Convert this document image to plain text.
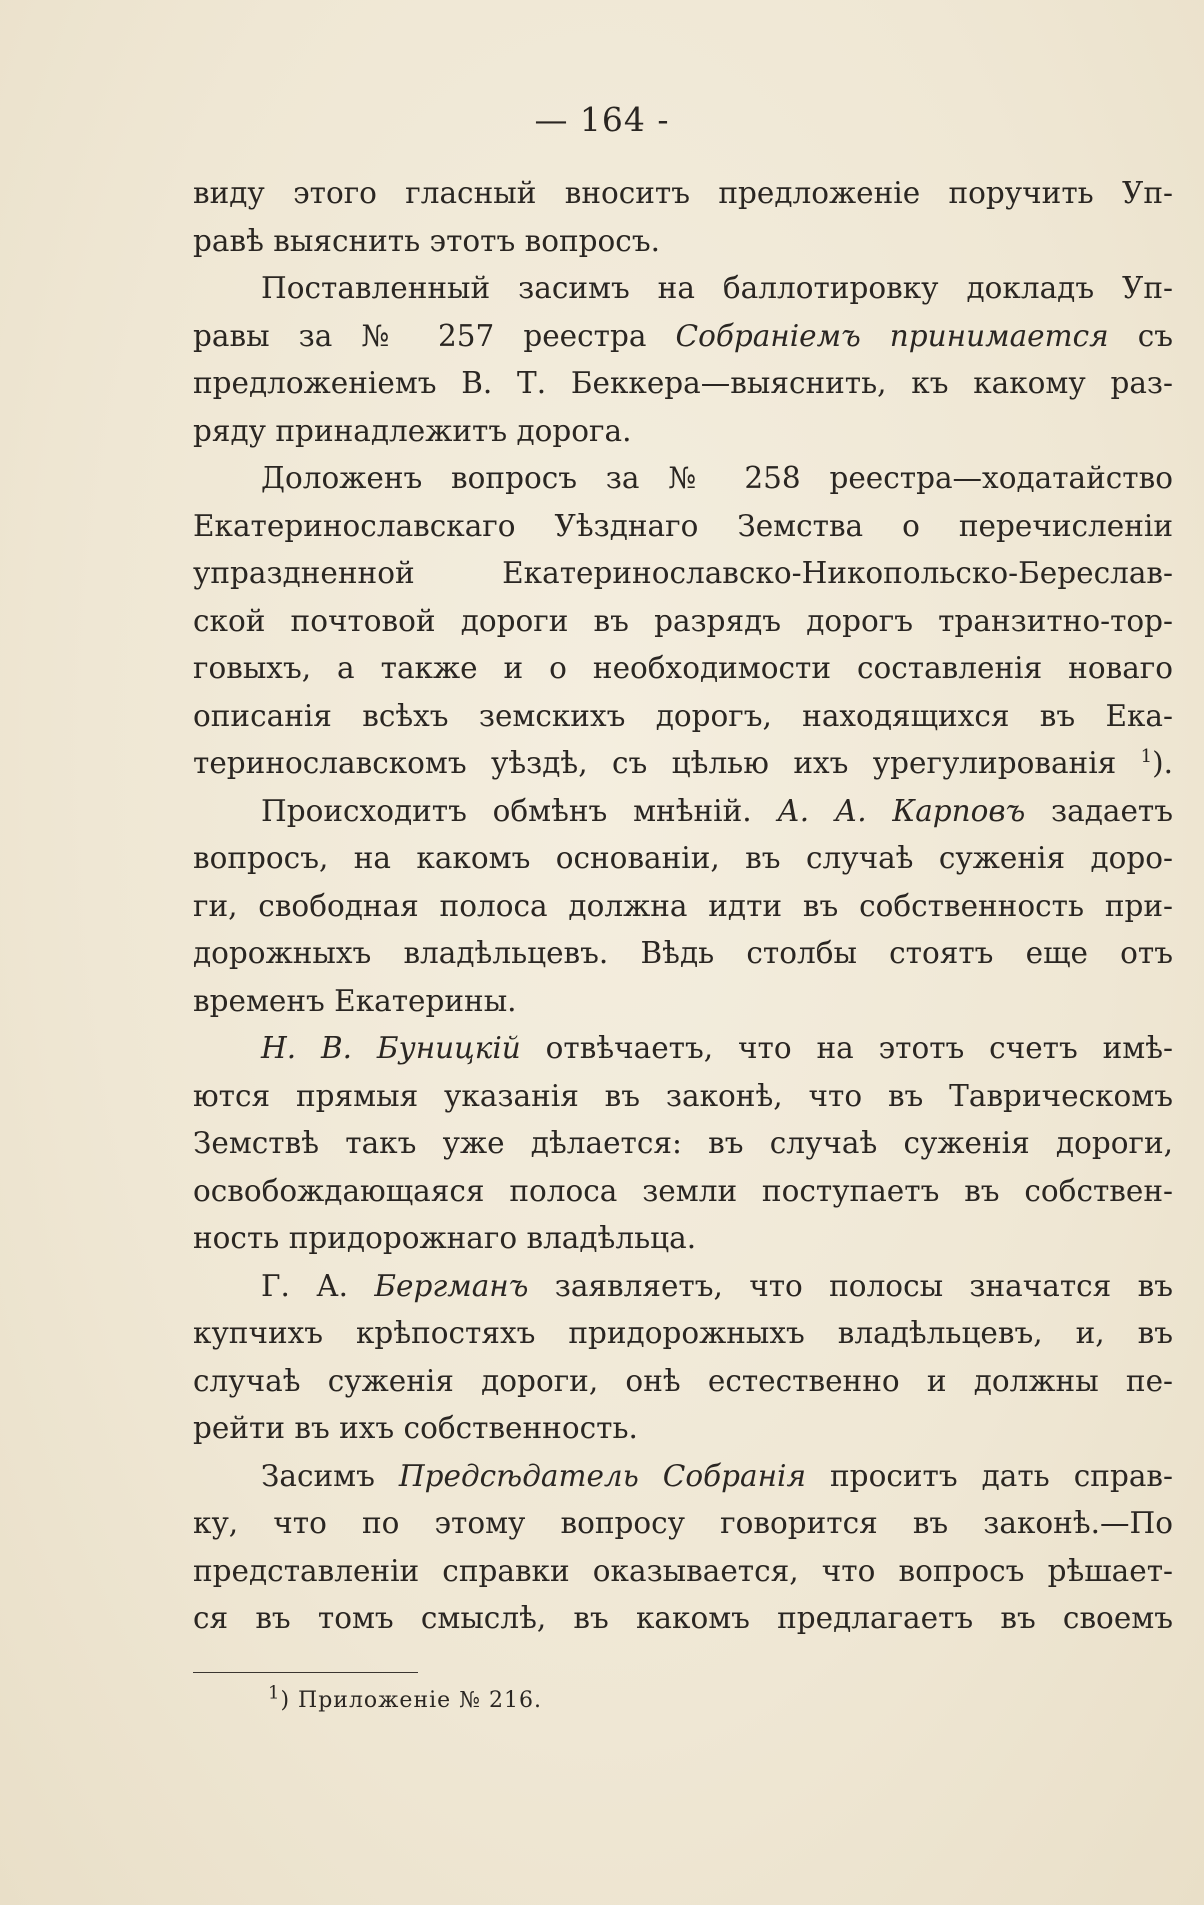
— 164 -
виду этого гласный вноситъ предложенiе поручить Уп-
равѣ выяснить этотъ вопросъ.
Поставленный засимъ на баллотировку докладъ Уп-
равы за № 257 реестра Собранiемъ принимается съ
предложенiемъ В. Т. Беккера—выяснить, къ какому раз-
ряду принадлежитъ дорога.
Доложенъ вопросъ за № 258 реестра—ходатайство
Екатеринославскаго Уѣзднаго Земства о перечисленiи
упраздненной Екатеринославско-Никопольско-Береслав-
ской почтовой дороги въ разрядъ дорогъ транзитно-тор-
говыхъ, а также и о необходимости составленiя новаго
описанiя всѣхъ земскихъ дорогъ, находящихся въ Ека-
теринославскомъ уѣздѣ, съ цѣлью ихъ урегулированiя $^1$).
Происходитъ обмѣнъ мнѣнiй. А. А. Карповъ задаетъ
вопросъ, на какомъ основанiи, въ случаѣ суженiя доро-
ги, свободная полоса должна идти въ собственность при-
дорожныхъ владѣльцевъ. Вѣдь столбы стоятъ еще отъ
временъ Екатерины.
Н. В. Буницкiй отвѣчаетъ, что на этотъ счетъ имѣ-
ются прямыя указанiя въ законѣ, что въ Таврическомъ
Земствѣ такъ уже дѣлается: въ случаѣ суженiя дороги,
освобождающаяся полоса земли поступаетъ въ собствен-
ность придорожнаго владѣльца.
Г. А. Бергманъ заявляетъ, что полосы значатся въ
купчихъ крѣпостяхъ придорожныхъ владѣльцевъ, и, въ
случаѣ суженiя дороги, онѣ естественно и должны пе-
рейти въ ихъ собственность.
Засимъ Предсѣдатель Собранiя проситъ дать справ-
ку, что по этому вопросу говорится въ законѣ.—По
представленiи справки оказывается, что вопросъ рѣшает-
ся въ томъ смыслѣ, въ какомъ предлагаетъ въ своемъ
$^1$) Приложенiе № 216.
